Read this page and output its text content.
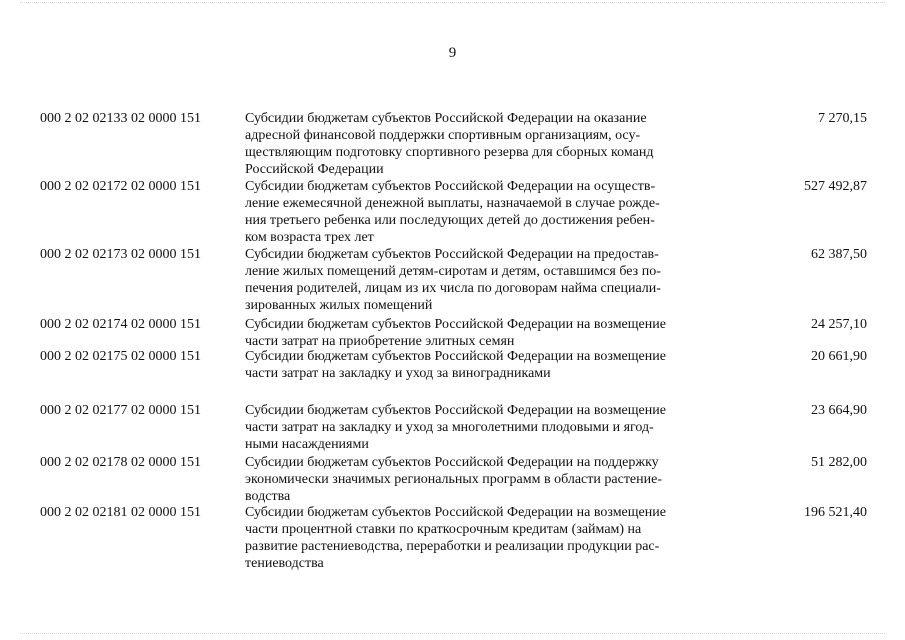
9
000 2 02 02133 02 0000 151	Субсидии бюджетам субъектов Российской Федерации на оказание
адресной финансовой поддержки спортивным организациям, осу-
ществляющим подготовку спортивного резерва для сборных команд
Российской Федерации
7 270,15
000 2 02 02172 02 0000 151	Субсидии бюджетам субъектов Российской Федерации на осуществ-
ление ежемесячной денежной выплаты, назначаемой в случае рожде-
ния третьего ребенка или последующих детей до достижения ребен-
ком возраста трех лет
527 492,87
000 2 02 02173 02 0000 151	Субсидии бюджетам субъектов Российской Федерации на предостав-
ление жилых помещений детям-сиротам и детям, оставшимся без по-
печения родителей, лицам из их числа по договорам найма специали-
зированных жилых помещений
62 387,50
000 2 02 02174 02 0000 151	Субсидии бюджетам субъектов Российской Федерации на возмещение
части затрат на приобретение элитных семян
24 257,10
000 2 02 02175 02 0000 151	Субсидии бюджетам субъектов Российской Федерации на возмещение
части затрат на закладку и уход за виноградниками
20 661,90
000 2 02 02177 02 0000 151	Субсидии бюджетам субъектов Российской Федерации на возмещение
части затрат на закладку и уход за многолетними плодовыми и ягод-
ными насаждениями
23 664,90
000 2 02 02178 02 0000 151	Субсидии бюджетам субъектов Российской Федерации на поддержку
экономически значимых региональных программ в области растение-
водства
51 282,00
000 2 02 02181 02 0000 151	Субсидии бюджетам субъектов Российской Федерации на возмещение
части процентной ставки по краткосрочным кредитам (займам) на
развитие растениеводства, переработки и реализации продукции рас-
тениеводства
196 521,40
